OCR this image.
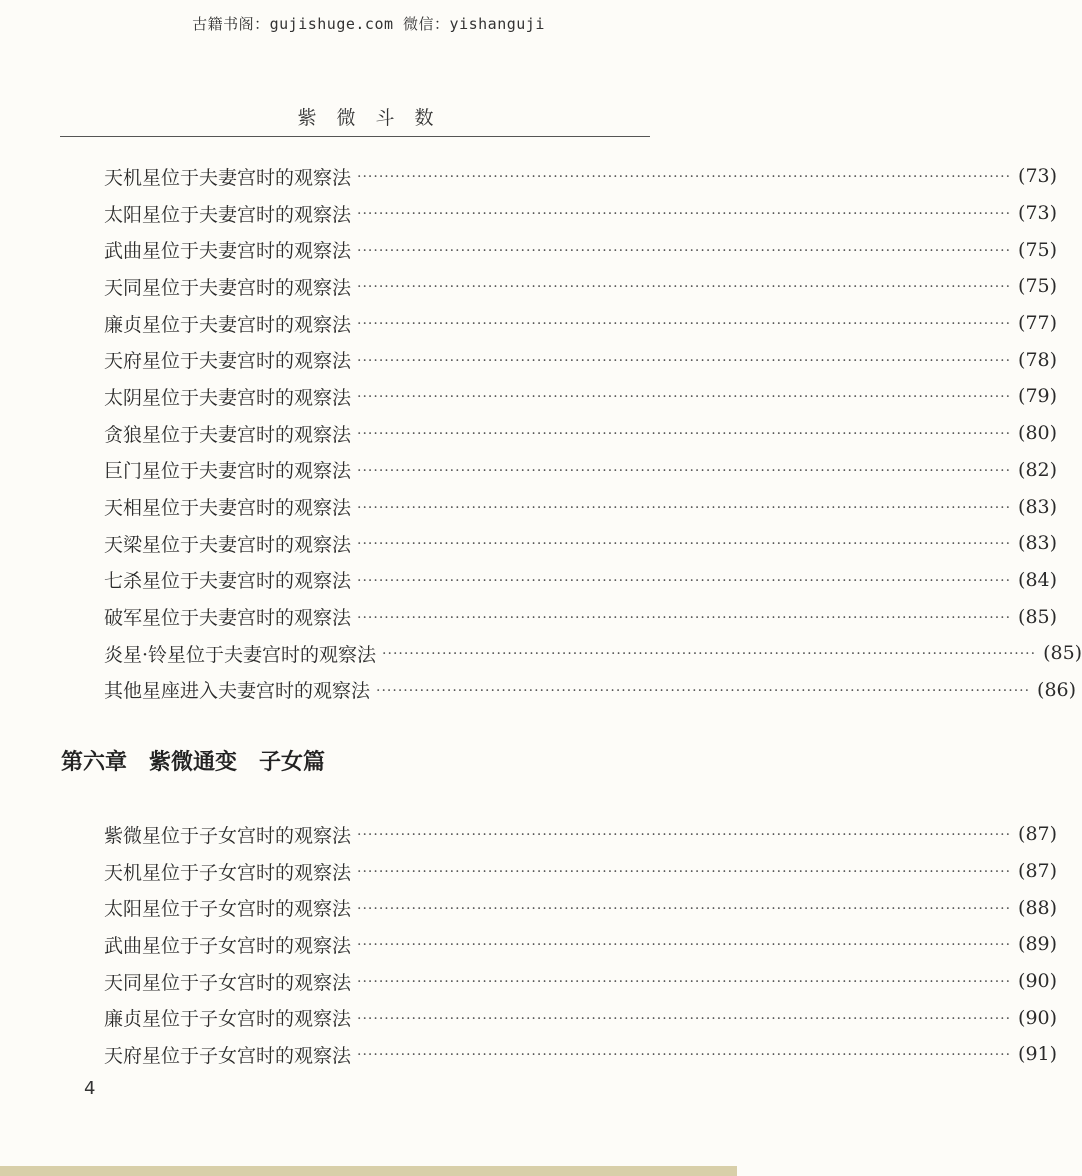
古籍书阁：gujishuge.com 微信：yishanguji
紫微斗数
天机星位于夫妻宫时的观察法 ························································································································ (73)
太阳星位于夫妻宫时的观察法 ························································································································ (73)
武曲星位于夫妻宫时的观察法 ························································································································ (75)
天同星位于夫妻宫时的观察法 ························································································································ (75)
廉贞星位于夫妻宫时的观察法 ························································································································ (77)
天府星位于夫妻宫时的观察法 ························································································································ (78)
太阴星位于夫妻宫时的观察法 ························································································································ (79)
贪狼星位于夫妻宫时的观察法 ························································································································ (80)
巨门星位于夫妻宫时的观察法 ························································································································ (82)
天相星位于夫妻宫时的观察法 ························································································································ (83)
天梁星位于夫妻宫时的观察法 ························································································································ (83)
七杀星位于夫妻宫时的观察法 ························································································································ (84)
破军星位于夫妻宫时的观察法 ························································································································ (85)
炎星·铃星位于夫妻宫时的观察法 ························································································································ (85)
其他星座进入夫妻宫时的观察法 ························································································································ (86)
第六章　紫微通变　子女篇
紫微星位于子女宫时的观察法 ························································································································ (87)
天机星位于子女宫时的观察法 ························································································································ (87)
太阳星位于子女宫时的观察法 ························································································································ (88)
武曲星位于子女宫时的观察法 ························································································································ (89)
天同星位于子女宫时的观察法 ························································································································ (90)
廉贞星位于子女宫时的观察法 ························································································································ (90)
天府星位于子女宫时的观察法 ························································································································ (91)
4
